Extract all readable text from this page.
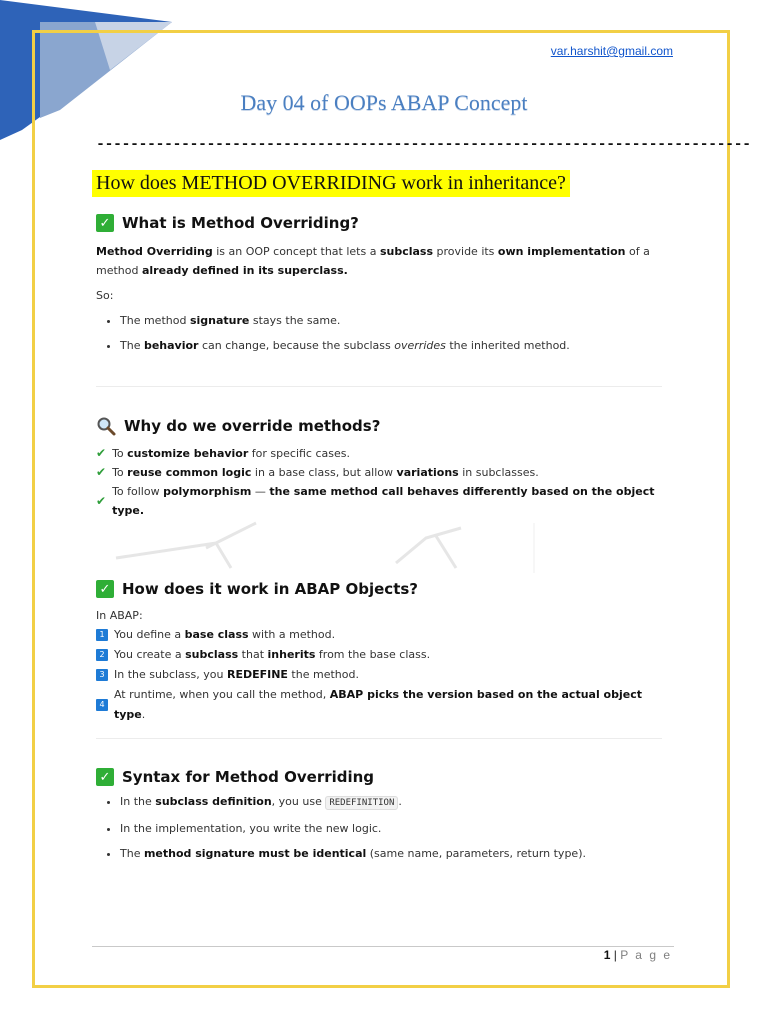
var.harshit@gmail.com
Day 04 of OOPs ABAP Concept
-----------------------------------------------------------------------------
How does METHOD OVERRIDING work in inheritance?
✓ What is Method Overriding?

Method Overriding is an OOP concept that lets a subclass provide its own implementation of a method already defined in its superclass.

So:

• The method signature stays the same.
• The behavior can change, because the subclass overrides the inherited method.
Why do we override methods?
✔ To customize behavior for specific cases.
✔ To reuse common logic in a base class, but allow variations in subclasses.
✔
To follow polymorphism — the same method call behaves differently based on the object type.
✓ How does it work in ABAP Objects?

In ABAP:

1 You define a base class with a method.
2 You create a subclass that inherits from the base class.
3 In the subclass, you REDEFINE the method.
4
At runtime, when you call the method, ABAP picks the version based on the actual object type.
✓ Syntax for Method Overriding
• In the subclass definition, you use REDEFINITION .
• In the implementation, you write the new logic.
• The method signature must be identical (same name, parameters, return type).
1 | P a g e
